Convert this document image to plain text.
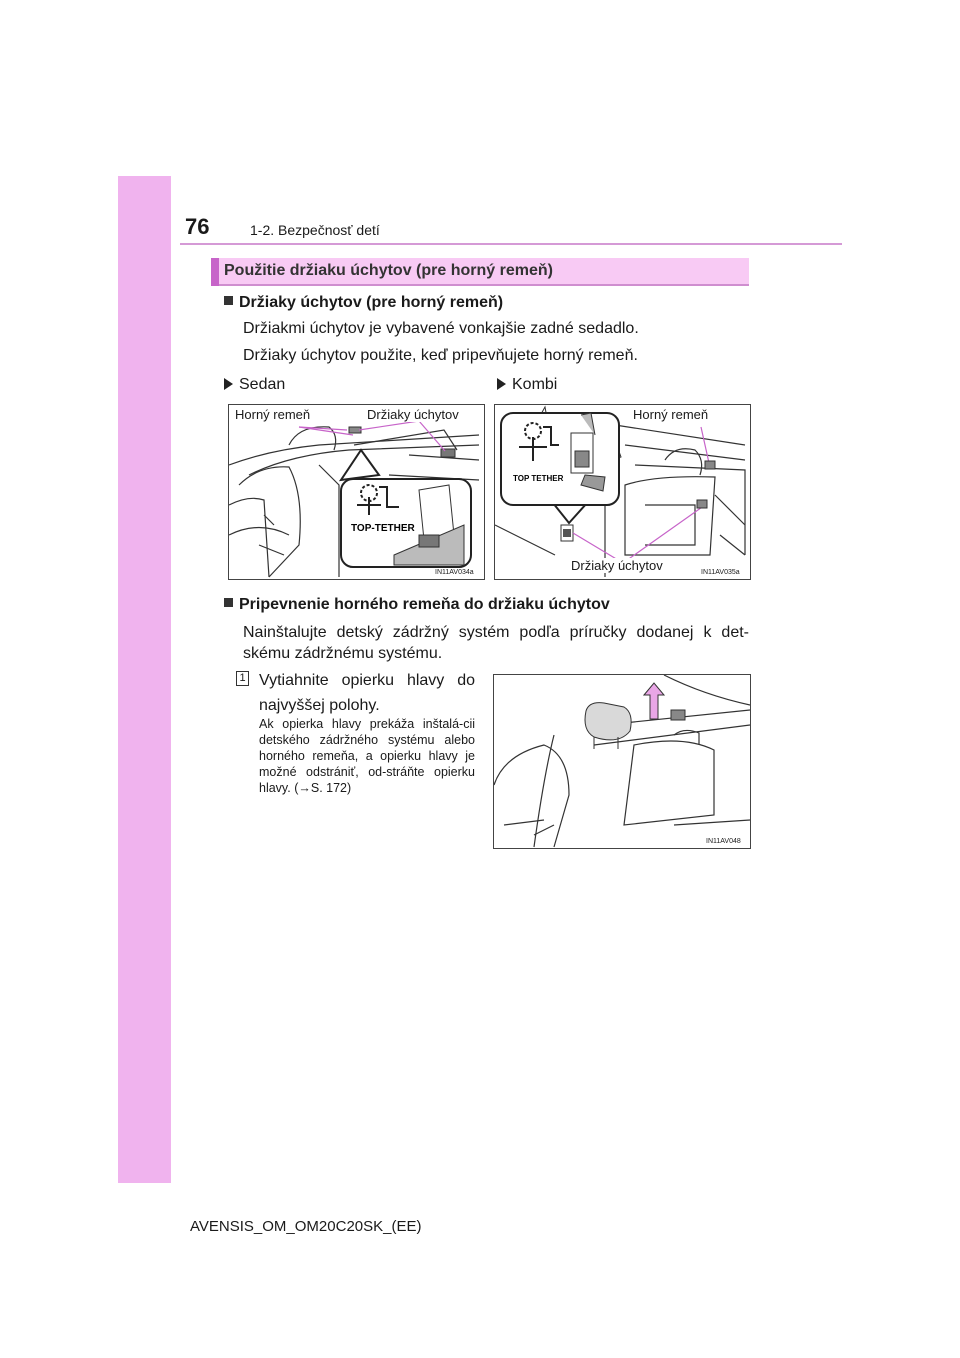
76	1-2. Bezpečnosť detí
Použitie držiaku úchytov (pre horný remeň)
Držiaky úchytov (pre horný remeň)
Držiakmi úchytov je vybavené vonkajšie zadné sedadlo.
Držiaky úchytov použite, keď pripevňujete horný remeň.
Sedan	Kombi
TOP-TETHER
Horný remeň	Držiaky úchytov
IN11AV034a
TOP TETHER
Horný remeň
Držiaky úchytov	IN11AV035a
Pripevnenie horného remeňa do držiaku úchytov
Nainštalujte detský zádržný systém podľa príručky dodanej k det-
skému zádržnému systému.
1 Vytiahnite opierku hlavy do najvyššej polohy.
Ak opierka hlavy prekáža inštalá-cii detského zádržného systému alebo horného remeňa, a opierku hlavy je možné odstrániť, od-stráňte opierku hlavy. (→S. 172)
IN11AV048
AVENSIS_OM_OM20C20SK_(EE)
